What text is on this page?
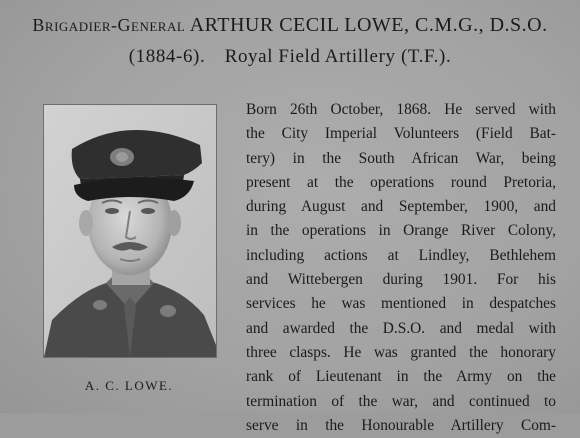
Brigadier-General ARTHUR CECIL LOWE, C.M.G., D.S.O.
(1884-6). Royal Field Artillery (T.F.).
A. C. LOWE.
Born 26th October, 1868. He served with
the City Imperial Volunteers (Field Bat-
tery) in the South African War, being
present at the operations round Pretoria,
during August and September, 1900, and
in the operations in Orange River Colony,
including actions at Lindley, Bethlehem
and Wittebergen during 1901. For his
services he was mentioned in despatches
and awarded the D.S.O. and medal with
three clasps. He was granted the honorary
rank of Lieutenant in the Army on the
termination of the war, and continued to
serve in the Honourable Artillery Com-
